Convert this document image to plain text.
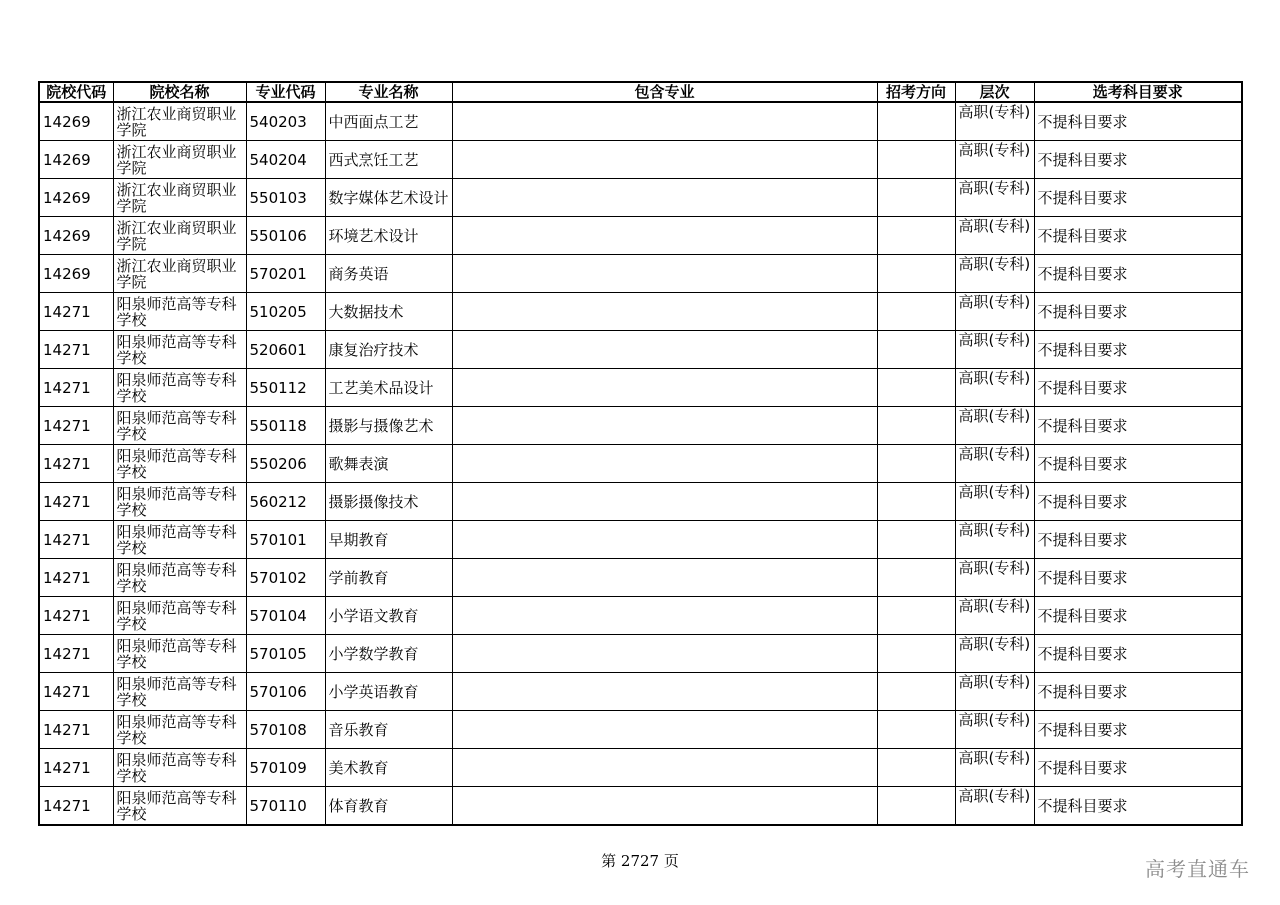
院校代码	院校名称	专业代码	专业名称	包含专业	招考方向	层次	选考科目要求
14269	浙江农业商贸职业学院	540203	中西面点工艺			高职(专科)	不提科目要求
14269	浙江农业商贸职业学院	540204	西式烹饪工艺			高职(专科)	不提科目要求
14269	浙江农业商贸职业学院	550103	数字媒体艺术设计			高职(专科)	不提科目要求
14269	浙江农业商贸职业学院	550106	环境艺术设计			高职(专科)	不提科目要求
14269	浙江农业商贸职业学院	570201	商务英语			高职(专科)	不提科目要求
14271	阳泉师范高等专科学校	510205	大数据技术			高职(专科)	不提科目要求
14271	阳泉师范高等专科学校	520601	康复治疗技术			高职(专科)	不提科目要求
14271	阳泉师范高等专科学校	550112	工艺美术品设计			高职(专科)	不提科目要求
14271	阳泉师范高等专科学校	550118	摄影与摄像艺术			高职(专科)	不提科目要求
14271	阳泉师范高等专科学校	550206	歌舞表演			高职(专科)	不提科目要求
14271	阳泉师范高等专科学校	560212	摄影摄像技术			高职(专科)	不提科目要求
14271	阳泉师范高等专科学校	570101	早期教育			高职(专科)	不提科目要求
14271	阳泉师范高等专科学校	570102	学前教育			高职(专科)	不提科目要求
14271	阳泉师范高等专科学校	570104	小学语文教育			高职(专科)	不提科目要求
14271	阳泉师范高等专科学校	570105	小学数学教育			高职(专科)	不提科目要求
14271	阳泉师范高等专科学校	570106	小学英语教育			高职(专科)	不提科目要求
14271	阳泉师范高等专科学校	570108	音乐教育			高职(专科)	不提科目要求
14271	阳泉师范高等专科学校	570109	美术教育			高职(专科)	不提科目要求
14271	阳泉师范高等专科学校	570110	体育教育			高职(专科)	不提科目要求
第 2727 页	高考直通车
